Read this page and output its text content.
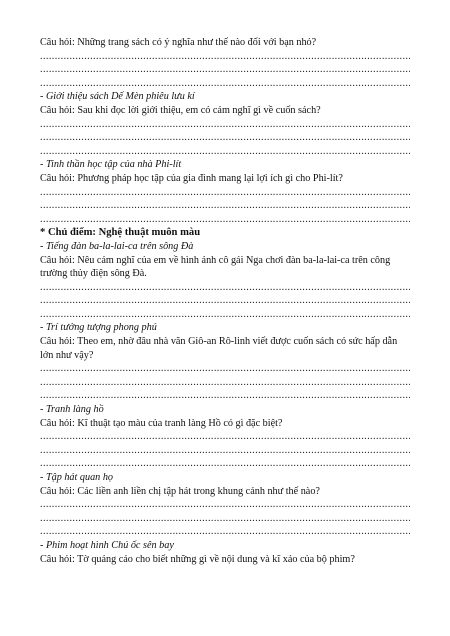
Câu hỏi: Những trang sách có ý nghĩa như thế nào đối với bạn nhỏ?
.....
.....
.....
- Giới thiệu sách Dế Mèn phiêu lưu kí
Câu hỏi: Sau khi đọc lời giới thiệu, em có cảm nghĩ gì về cuốn sách?
.....
.....
.....
- Tinh thần học tập của nhà Phi-lít
Câu hỏi: Phương pháp học tập của gia đình mang lại lợi ích gì cho Phi-lít?
.....
.....
.....
* Chủ điểm: Nghệ thuật muôn màu
- Tiếng đàn ba-la-lai-ca trên sông Đà
Câu hỏi: Nêu cảm nghĩ của em về hình ảnh cô gái Nga chơi đàn ba-la-lai-ca trên công trường thủy điện sông Đà.
.....
.....
.....
- Trí tưởng tượng phong phú
Câu hỏi: Theo em, nhờ đâu nhà văn Giô-an Rô-linh viết được cuốn sách có sức hấp dẫn lớn như vậy?
.....
.....
.....
- Tranh làng hồ
Câu hỏi: Kĩ thuật tạo màu của tranh làng Hồ có gì đặc biệt?
.....
.....
.....
- Tập hát quan họ
Câu hỏi: Các liền anh liền chị tập hát trong khung cảnh như thế nào?
.....
.....
.....
- Phim hoạt hình Chú ốc sên bay
Câu hỏi: Tờ quảng cáo cho biết những gì về nội dung và kĩ xảo của bộ phim?
